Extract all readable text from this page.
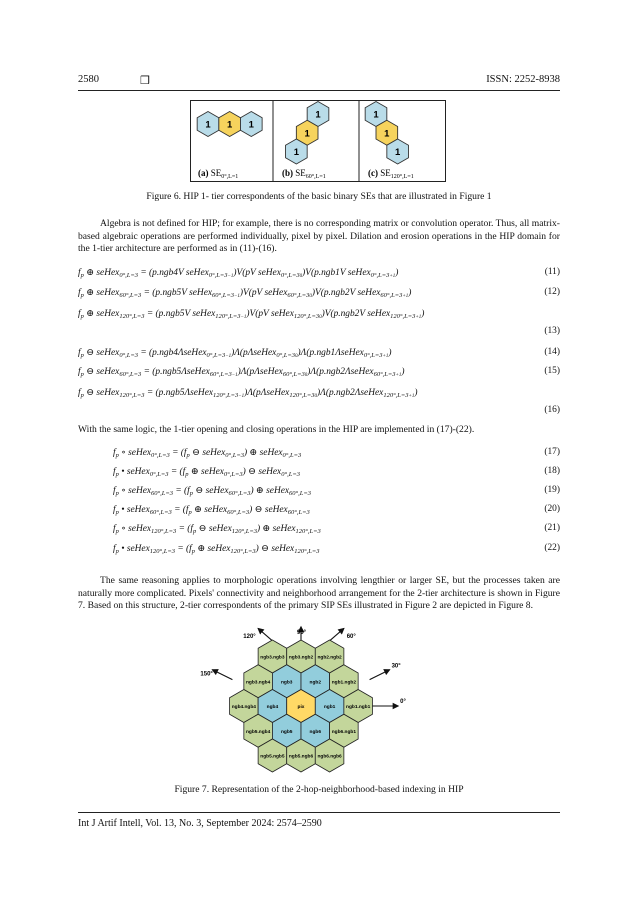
2580	❒	ISSN: 2252-8938
1 1 1
1
1
1
1
1
1
(a) $SE_{0^\circ,L=1}$	(b) $SE_{60^\circ,L=1}$	(c) $SE_{120^\circ,L=1}$
Figure 6. HIP 1- tier correspondents of the basic binary SEs that are illustrated in Figure 1
Algebra is not defined for HIP; for example, there is no corresponding matrix or convolution operator. Thus, all matrix-based algebraic operations are performed individually, pixel by pixel. Dilation and erosion operations in the HIP domain for the 1-tier architecture are performed as in (11)-(16).
$f_p$ ⊕ seHex$_{0^\circ,L=3}$ = (p.ngb4V seHex$_{0^\circ,L=3-1}$)V(pV seHex$_{0^\circ,L=30}$)V(p.ngb1V seHex$_{0^\circ,L=3+1}$)	(11)
$f_p$ ⊕ seHex$_{60^\circ,L=3}$ = (p.ngb5V seHex$_{60^\circ,L=3-1}$)V(pV seHex$_{60^\circ,L=30}$)V(p.ngb2V seHex$_{60^\circ,L=3+1}$)	(12)
$f_p$ ⊕ seHex$_{120^\circ,L=3}$ = (p.ngb5V seHex$_{120^\circ,L=3-1}$)V(pV seHex$_{120^\circ,L=30}$)V(p.ngb2V seHex$_{120^\circ,L=3+1}$)
(13)
$f_p$ ⊖ seHex$_{0^\circ,L=3}$ = (p.ngb4ΛseHex$_{0^\circ,L=3-1}$)Λ(pΛseHex$_{0^\circ,L=30}$)Λ(p.ngb1ΛseHex$_{0^\circ,L=3+1}$)	(14)
$f_p$ ⊖ seHex$_{60^\circ,L=3}$ = (p.ngb5ΛseHex$_{60^\circ,L=3-1}$)Λ(pΛseHex$_{60^\circ,L=30}$)Λ(p.ngb2ΛseHex$_{60^\circ,L=3+1}$)	(15)
$f_p$ ⊖ seHex$_{120^\circ,L=3}$ = (p.ngb5ΛseHex$_{120^\circ,L=3-1}$)Λ(pΛseHex$_{120^\circ,L=30}$)Λ(p.ngb2ΛseHex$_{120^\circ,L=3+1}$)
(16)
With the same logic, the 1-tier opening and closing operations in the HIP are implemented in (17)-(22).
$f_p$ ∘ seHex$_{0^\circ,L=3}$ = ($f_p$ ⊖ seHex$_{0^\circ,L=3}$) ⊕ seHex$_{0^\circ,L=3}$	(17)
$f_p$ • seHex$_{0^\circ,L=3}$ = ($f_p$ ⊕ seHex$_{0^\circ,L=3}$) ⊖ seHex$_{0^\circ,L=3}$	(18)
$f_p$ ∘ seHex$_{60^\circ,L=3}$ = ($f_p$ ⊖ seHex$_{60^\circ,L=3}$) ⊕ seHex$_{60^\circ,L=3}$	(19)
$f_p$ • seHex$_{60^\circ,L=3}$ = ($f_p$ ⊕ seHex$_{60^\circ,L=3}$) ⊖ seHex$_{60^\circ,L=3}$	(20)
$f_p$ ∘ seHex$_{120^\circ,L=3}$ = ($f_p$ ⊖ seHex$_{120^\circ,L=3}$) ⊕ seHex$_{120^\circ,L=3}$	(21)
$f_p$ • seHex$_{120^\circ,L=3}$ = ($f_p$ ⊕ seHex$_{120^\circ,L=3}$) ⊖ seHex$_{120^\circ,L=3}$	(22)
The same reasoning applies to morphologic operations involving lengthier or larger SE, but the processes taken are naturally more complicated. Pixels' connectivity and neighborhood arrangement for the 2-tier architecture is shown in Figure 7. Based on this structure, 2-tier correspondents of the primary SIP SEs illustrated in Figure 2 are depicted in Figure 8.
ngb3.ngb3 ngb3.ngb2 ngb2.ngb2
ngb3.ngb4 ngb3	ngb2 ngb1.ngb2
ngb4.ngb4 ngb4	pix	ngb1 ngb1.ngb1
ngb5.ngb4 ngb5	ngb6 ngb6.ngb1
ngb5.ngb5 ngb5.ngb6 ngb6.ngb6
90°
60°
30°
0°
120°
150°
Figure 7. Representation of the 2-hop-neighborhood-based indexing in HIP
Int J Artif Intell, Vol. 13, No. 3, September 2024: 2574–2590
